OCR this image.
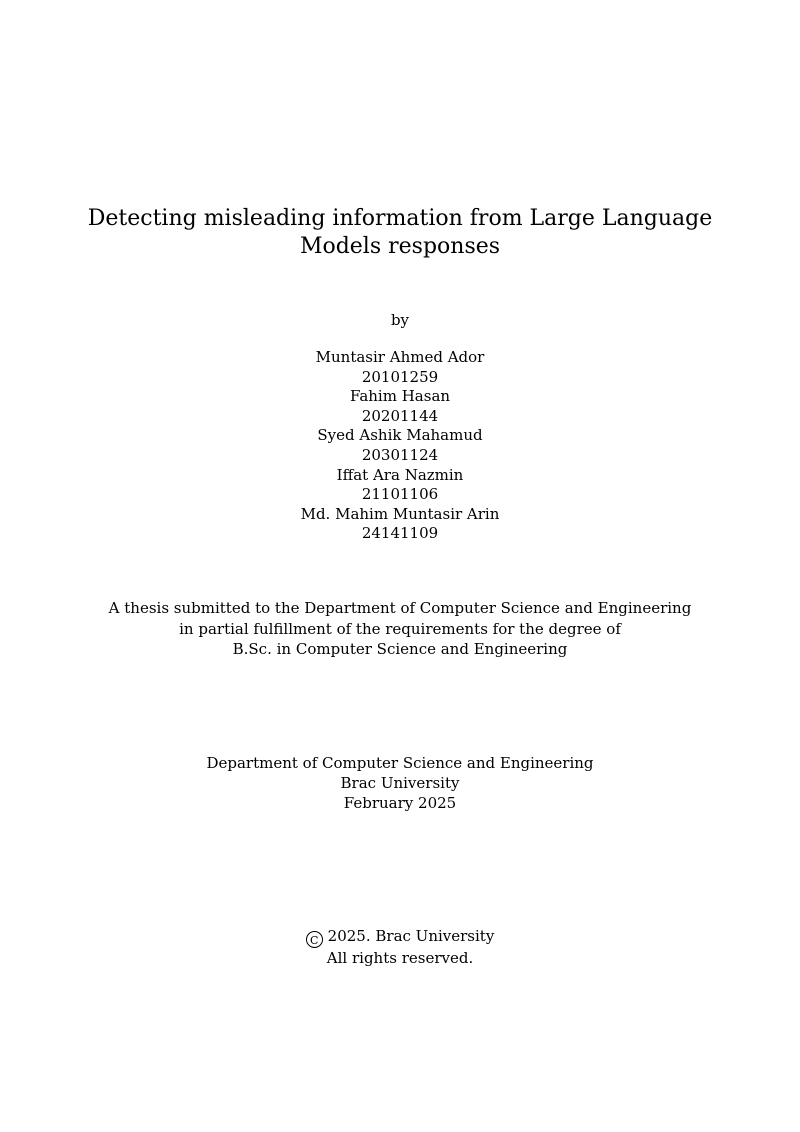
Detecting misleading information from Large Language
Models responses
by
Muntasir Ahmed Ador
20101259
Fahim Hasan
20201144
Syed Ashik Mahamud
20301124
Iffat Ara Nazmin
21101106
Md. Mahim Muntasir Arin
24141109
A thesis submitted to the Department of Computer Science and Engineering
in partial fulfillment of the requirements for the degree of
B.Sc. in Computer Science and Engineering
Department of Computer Science and Engineering
Brac University
February 2025
C 2025. Brac University
All rights reserved.
